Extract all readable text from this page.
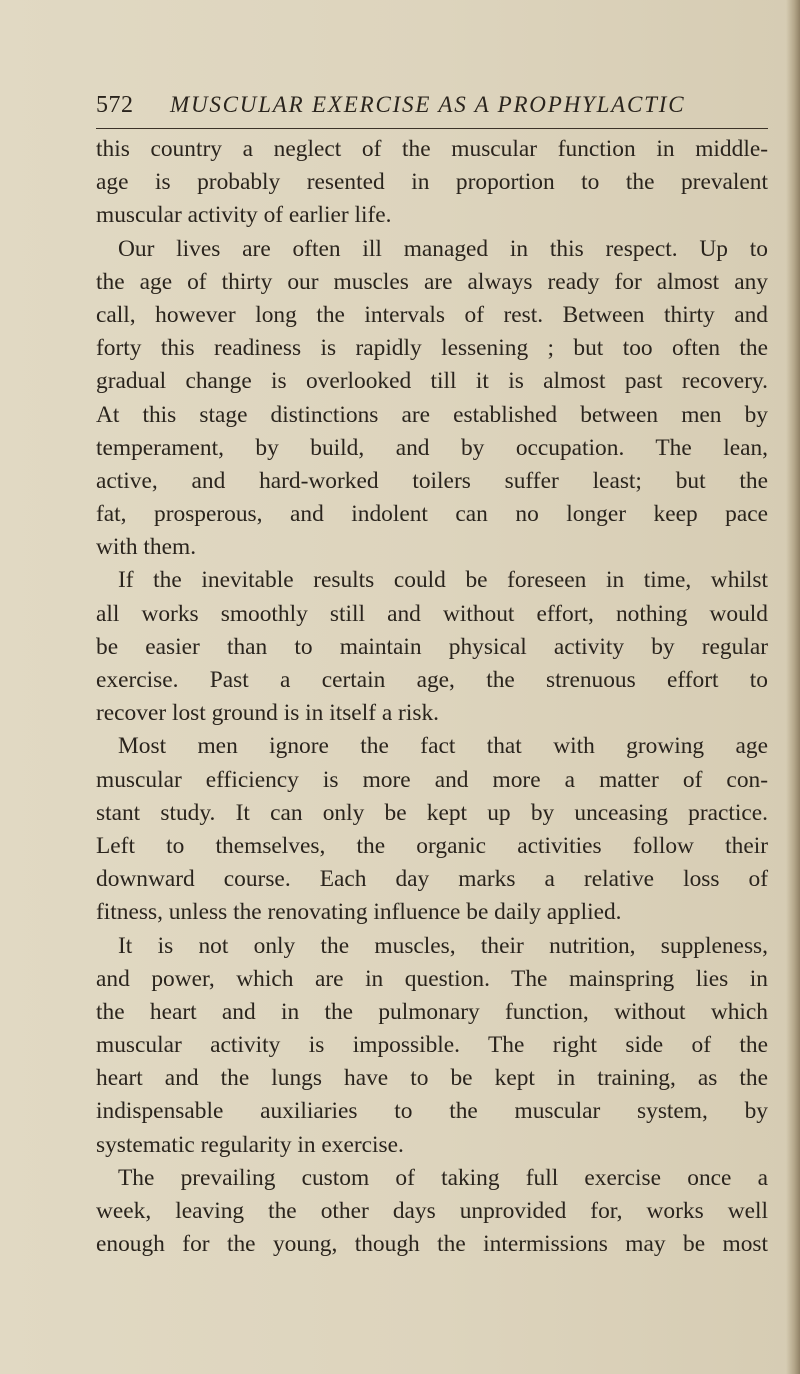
572 MUSCULAR EXERCISE AS A PROPHYLACTIC
this country a neglect of the muscular function in middle-
age is probably resented in proportion to the prevalent
muscular activity of earlier life.
Our lives are often ill managed in this respect. Up to
the age of thirty our muscles are always ready for almost any
call, however long the intervals of rest. Between thirty and
forty this readiness is rapidly lessening ; but too often the
gradual change is overlooked till it is almost past recovery.
At this stage distinctions are established between men by
temperament, by build, and by occupation. The lean,
active, and hard-worked toilers suffer least; but the
fat, prosperous, and indolent can no longer keep pace
with them.
If the inevitable results could be foreseen in time, whilst
all works smoothly still and without effort, nothing would
be easier than to maintain physical activity by regular
exercise. Past a certain age, the strenuous effort to
recover lost ground is in itself a risk.
Most men ignore the fact that with growing age
muscular efficiency is more and more a matter of con-
stant study. It can only be kept up by unceasing practice.
Left to themselves, the organic activities follow their
downward course. Each day marks a relative loss of
fitness, unless the renovating influence be daily applied.
It is not only the muscles, their nutrition, suppleness,
and power, which are in question. The mainspring lies in
the heart and in the pulmonary function, without which
muscular activity is impossible. The right side of the
heart and the lungs have to be kept in training, as the
indispensable auxiliaries to the muscular system, by
systematic regularity in exercise.
The prevailing custom of taking full exercise once a
week, leaving the other days unprovided for, works well
enough for the young, though the intermissions may be most
